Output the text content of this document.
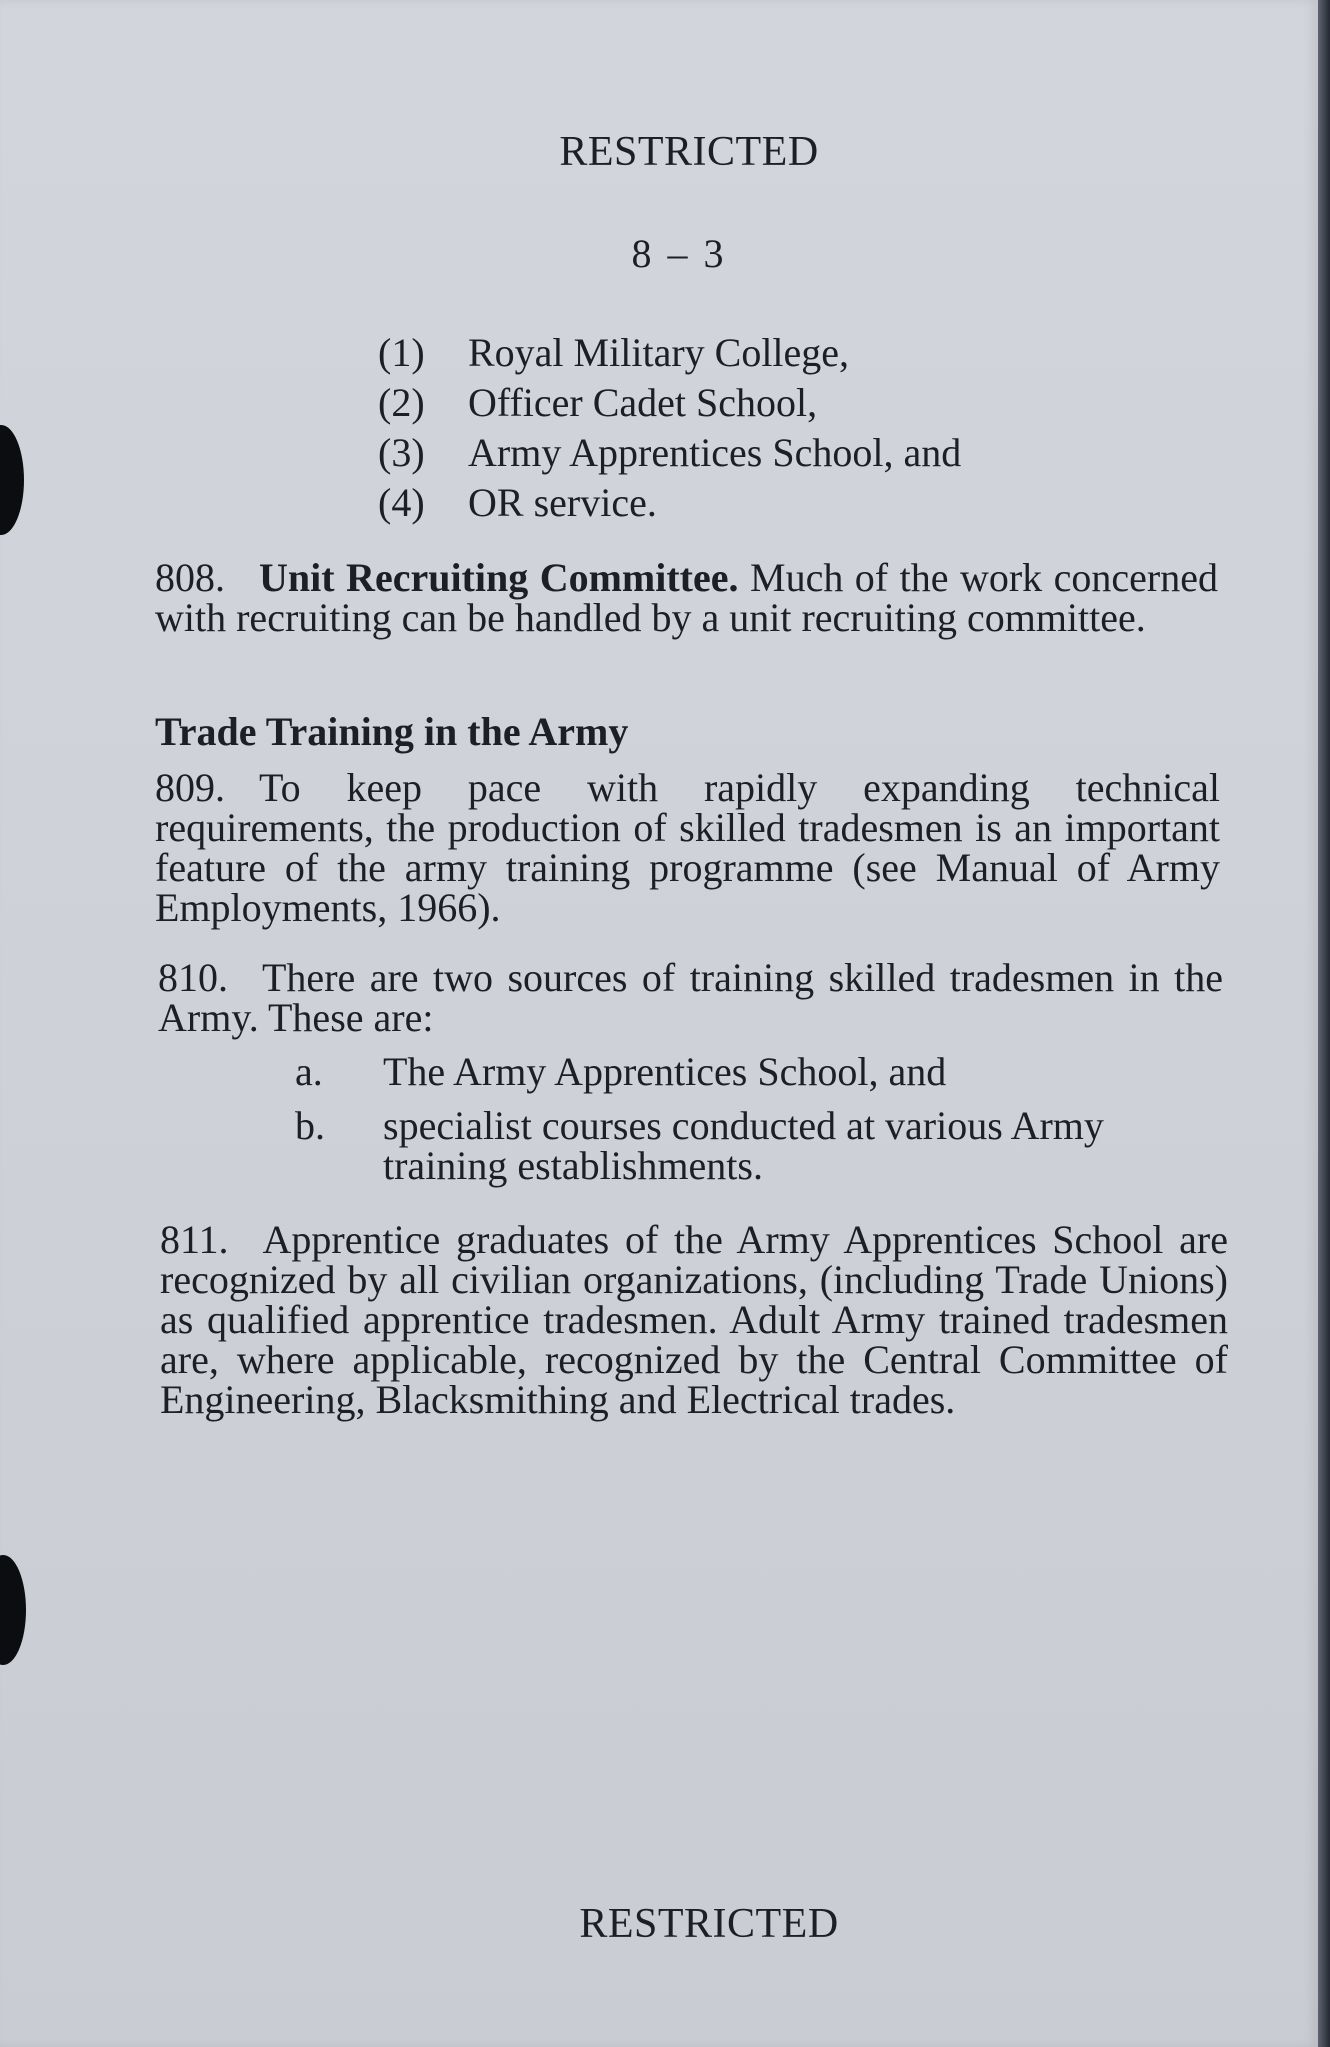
RESTRICTED
8 – 3
(1) Royal Military College,
(2) Officer Cadet School,
(3) Army Apprentices School, and
(4) OR service.
808. Unit Recruiting Committee. Much of the work concerned with recruiting can be handled by a unit recruiting committee.
Trade Training in the Army
809. To keep pace with rapidly expanding technical requirements, the production of skilled tradesmen is an important feature of the army training programme (see Manual of Army Employments, 1966).
810. There are two sources of training skilled tradesmen in the Army. These are:
a. The Army Apprentices School, and
b. specialist courses conducted at various Army training establishments.
811. Apprentice graduates of the Army Apprentices School are recognized by all civilian organizations, (including Trade Unions) as qualified apprentice tradesmen. Adult Army trained tradesmen are, where applicable, recognized by the Central Committee of Engineering, Blacksmithing and Electrical trades.
RESTRICTED
